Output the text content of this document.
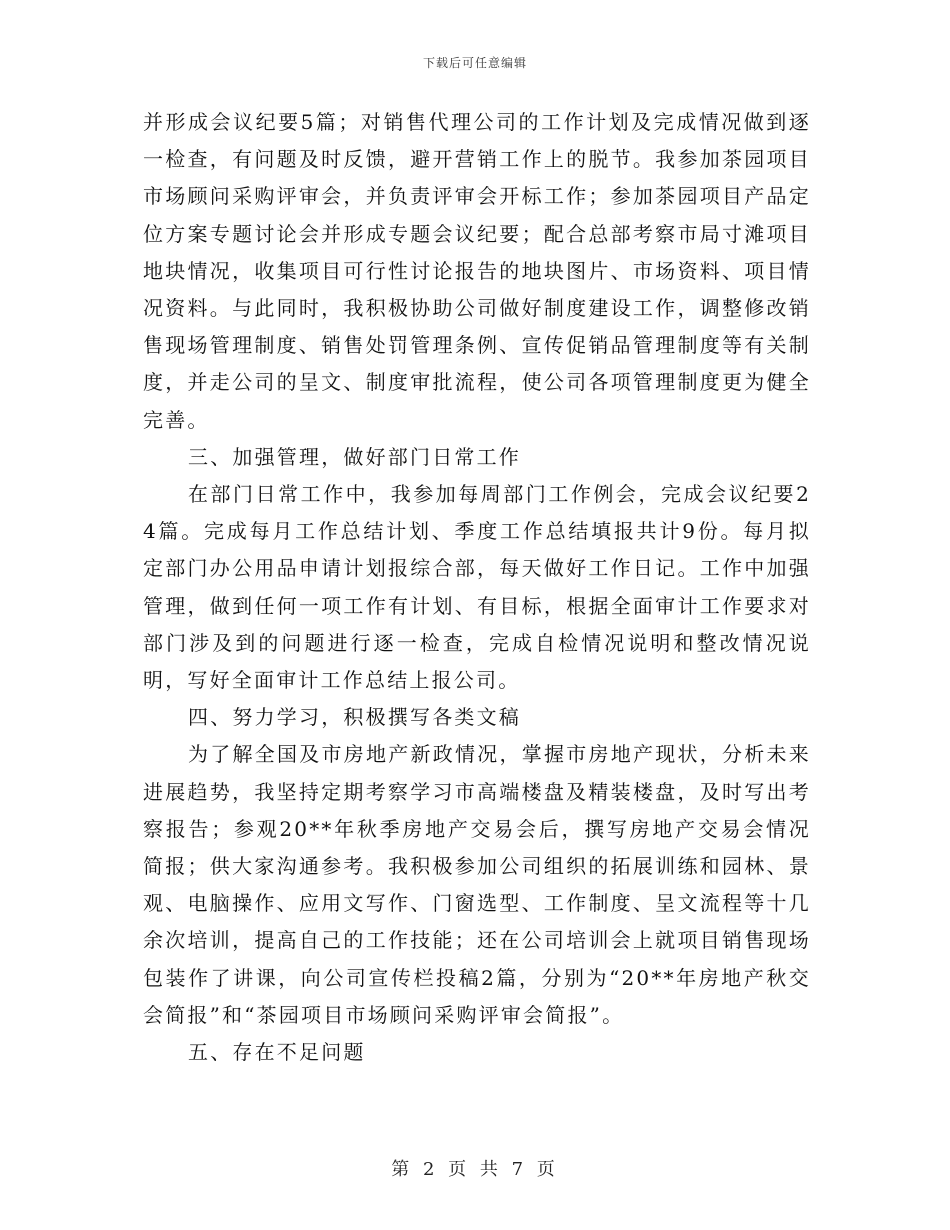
下载后可任意编辑

并形成会议纪要5篇；对销售代理公司的工作计划及完成情况做到逐一检查，有问题及时反馈，避开营销工作上的脱节。我参加茶园项目市场顾问采购评审会，并负责评审会开标工作；参加茶园项目产品定位方案专题讨论会并形成专题会议纪要；配合总部考察市局寸滩项目地块情况，收集项目可行性讨论报告的地块图片、市场资料、项目情况资料。与此同时，我积极协助公司做好制度建设工作，调整修改销售现场管理制度、销售处罚管理条例、宣传促销品管理制度等有关制度，并走公司的呈文、制度审批流程，使公司各项管理制度更为健全完善。

三、加强管理，做好部门日常工作

在部门日常工作中，我参加每周部门工作例会，完成会议纪要24篇。完成每月工作总结计划、季度工作总结填报共计9份。每月拟定部门办公用品申请计划报综合部，每天做好工作日记。工作中加强管理，做到任何一项工作有计划、有目标，根据全面审计工作要求对部门涉及到的问题进行逐一检查，完成自检情况说明和整改情况说明，写好全面审计工作总结上报公司。

四、努力学习，积极撰写各类文稿

为了解全国及市房地产新政情况，掌握市房地产现状，分析未来进展趋势，我坚持定期考察学习市高端楼盘及精装楼盘，及时写出考察报告；参观20**年秋季房地产交易会后，撰写房地产交易会情况简报；供大家沟通参考。我积极参加公司组织的拓展训练和园林、景观、电脑操作、应用文写作、门窗选型、工作制度、呈文流程等十几余次培训，提高自己的工作技能；还在公司培训会上就项目销售现场包装作了讲课，向公司宣传栏投稿2篇，分别为“20**年房地产秋交会简报”和“茶园项目市场顾问采购评审会简报”。

五、存在不足问题

第 2 页 共 7 页
